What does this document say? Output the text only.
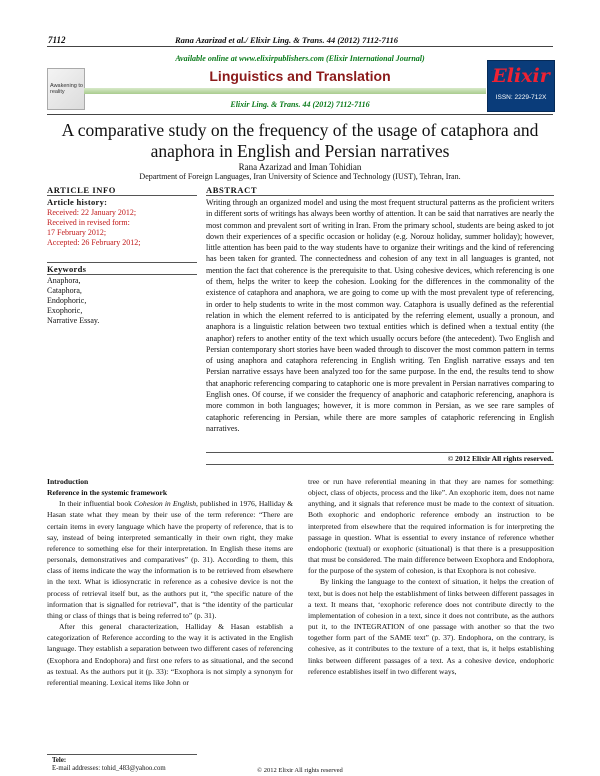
7112	Rana Azarizad et al./ Elixir Ling. & Trans. 44 (2012) 7112-7116
Awakening to reality
Available online at www.elixirpublishers.com (Elixir International Journal)
Linguistics and Translation
Elixir Ling. & Trans. 44 (2012) 7112-7116
Elixir
ISSN: 2229-712X
A comparative study on the frequency of the usage of cataphora and anaphora in English and Persian narratives
Rana Azarizad and Iman Tohidian
Department of Foreign Languages, Iran University of Science and Technology (IUST), Tehran, Iran.
ARTICLE INFO
Article history:
Received: 22 January 2012;
Received in revised form:
17 February 2012;
Accepted: 26 February 2012;
Keywords
Anaphora,
Cataphora,
Endophoric,
Exophoric,
Narrative Essay.
ABSTRACT
Writing through an organized model and using the most frequent structural patterns as the proficient writers in different sorts of writings has always been worthy of attention. It can be said that narratives are nearly the most common and prevalent sort of writing in Iran. From the primary school, students are being asked to jot down their experiences of a specific occasion or holiday (e.g. Norouz holiday, summer holiday); however, little attention has been paid to the way students have to organize their writings and the kind of referencing has been taken for granted. The connectedness and cohesion of any text in all languages is granted, not mention the fact that coherence is the prerequisite to that. Using cohesive devices, which referencing is one of them, helps the writer to keep the cohesion. Looking for the differences in the commonality of the existence of cataphora and anaphora, we are going to come up with the most prevalent type of referencing, in order to help students to write in the most common way. Cataphora is usually defined as the referential relation in which the element referred to is anticipated by the referring element, usually a pronoun, and anaphora is a linguistic relation between two textual entities which is defined when a textual entity (the anaphor) refers to another entity of the text which usually occurs before (the antecedent). Two English and Persian contemporary short stories have been waded through to discover the most common pattern in terms of using anaphora and cataphora referencing in English writing. Ten English narrative essays and ten Persian narrative essays have been analyzed too for the same purpose. In the end, the results tend to show that anaphoric referencing comparing to cataphoric one is more prevalent in Persian narratives comparing to English ones. Of course, if we consider the frequency of anaphoric and cataphoric referencing, anaphora is more common in both languages; however, it is more common in Persian, as we see rare samples of cataphoric referencing in Persian, while there are more samples of cataphoric referencing in English narratives.
© 2012 Elixir All rights reserved.

Introduction

Reference in the systemic framework

In their influential book Cohesion in English, published in 1976, Halliday & Hasan state what they mean by their use of the term reference: “There are certain items in every language which have the property of reference, that is to say, instead of being interpreted semantically in their own right, they make reference to something else for their interpretation. In English these items are personals, demonstratives and comparatives” (p. 31). According to them, this class of items indicate the way the information is to be retrieved from elsewhere in the text. What is idiosyncratic in reference as a cohesive device is not the process of retrieval itself but, as the authors put it, “the specific nature of the information that is signalled for retrieval”, that is “the identity of the particular thing or class of things that is being referred to” (p. 31).

After this general characterization, Halliday & Hasan establish a categorization of Reference according to the way it is activated in the English language. They establish a separation between two different cases of referencing (Exophora and Endophora) and first one refers to as situational, and the second as textual. As the authors put it (p. 33): “Exophora is not simply a synonym for referential meaning. Lexical items like John or

tree or run have referential meaning in that they are names for something: object, class of objects, process and the like”. An exophoric item, does not name anything, and it signals that reference must be made to the context of situation. Both exophoric and endophoric reference embody an instruction to be interpreted from elsewhere that the required information is for interpreting the passage in question. What is essential to every instance of reference whether endophoric (textual) or exophoric (situational) is that there is a presupposition that must be considered. The main difference between Exophora and Endophora, for the purpose of the system of cohesion, is that Exophora is not cohesive.

By linking the language to the context of situation, it helps the creation of text, but is does not help the establishment of links between different passages in a text. It means that, ‘exophoric reference does not contribute directly to the implementation of cohesion in a text, since it does not contribute, as the authors put it, to the INTEGRATION of one passage with another so that the two together form part of the SAME text” (p. 37). Endophora, on the contrary, is cohesive, as it contributes to the texture of a text, that is, it helps establishing links between different passages of a text. As a cohesive device, endophoric reference establishes itself in two different ways,

Tele:
E-mail addresses: tohid_483@yahoo.com	© 2012 Elixir All rights reserved
